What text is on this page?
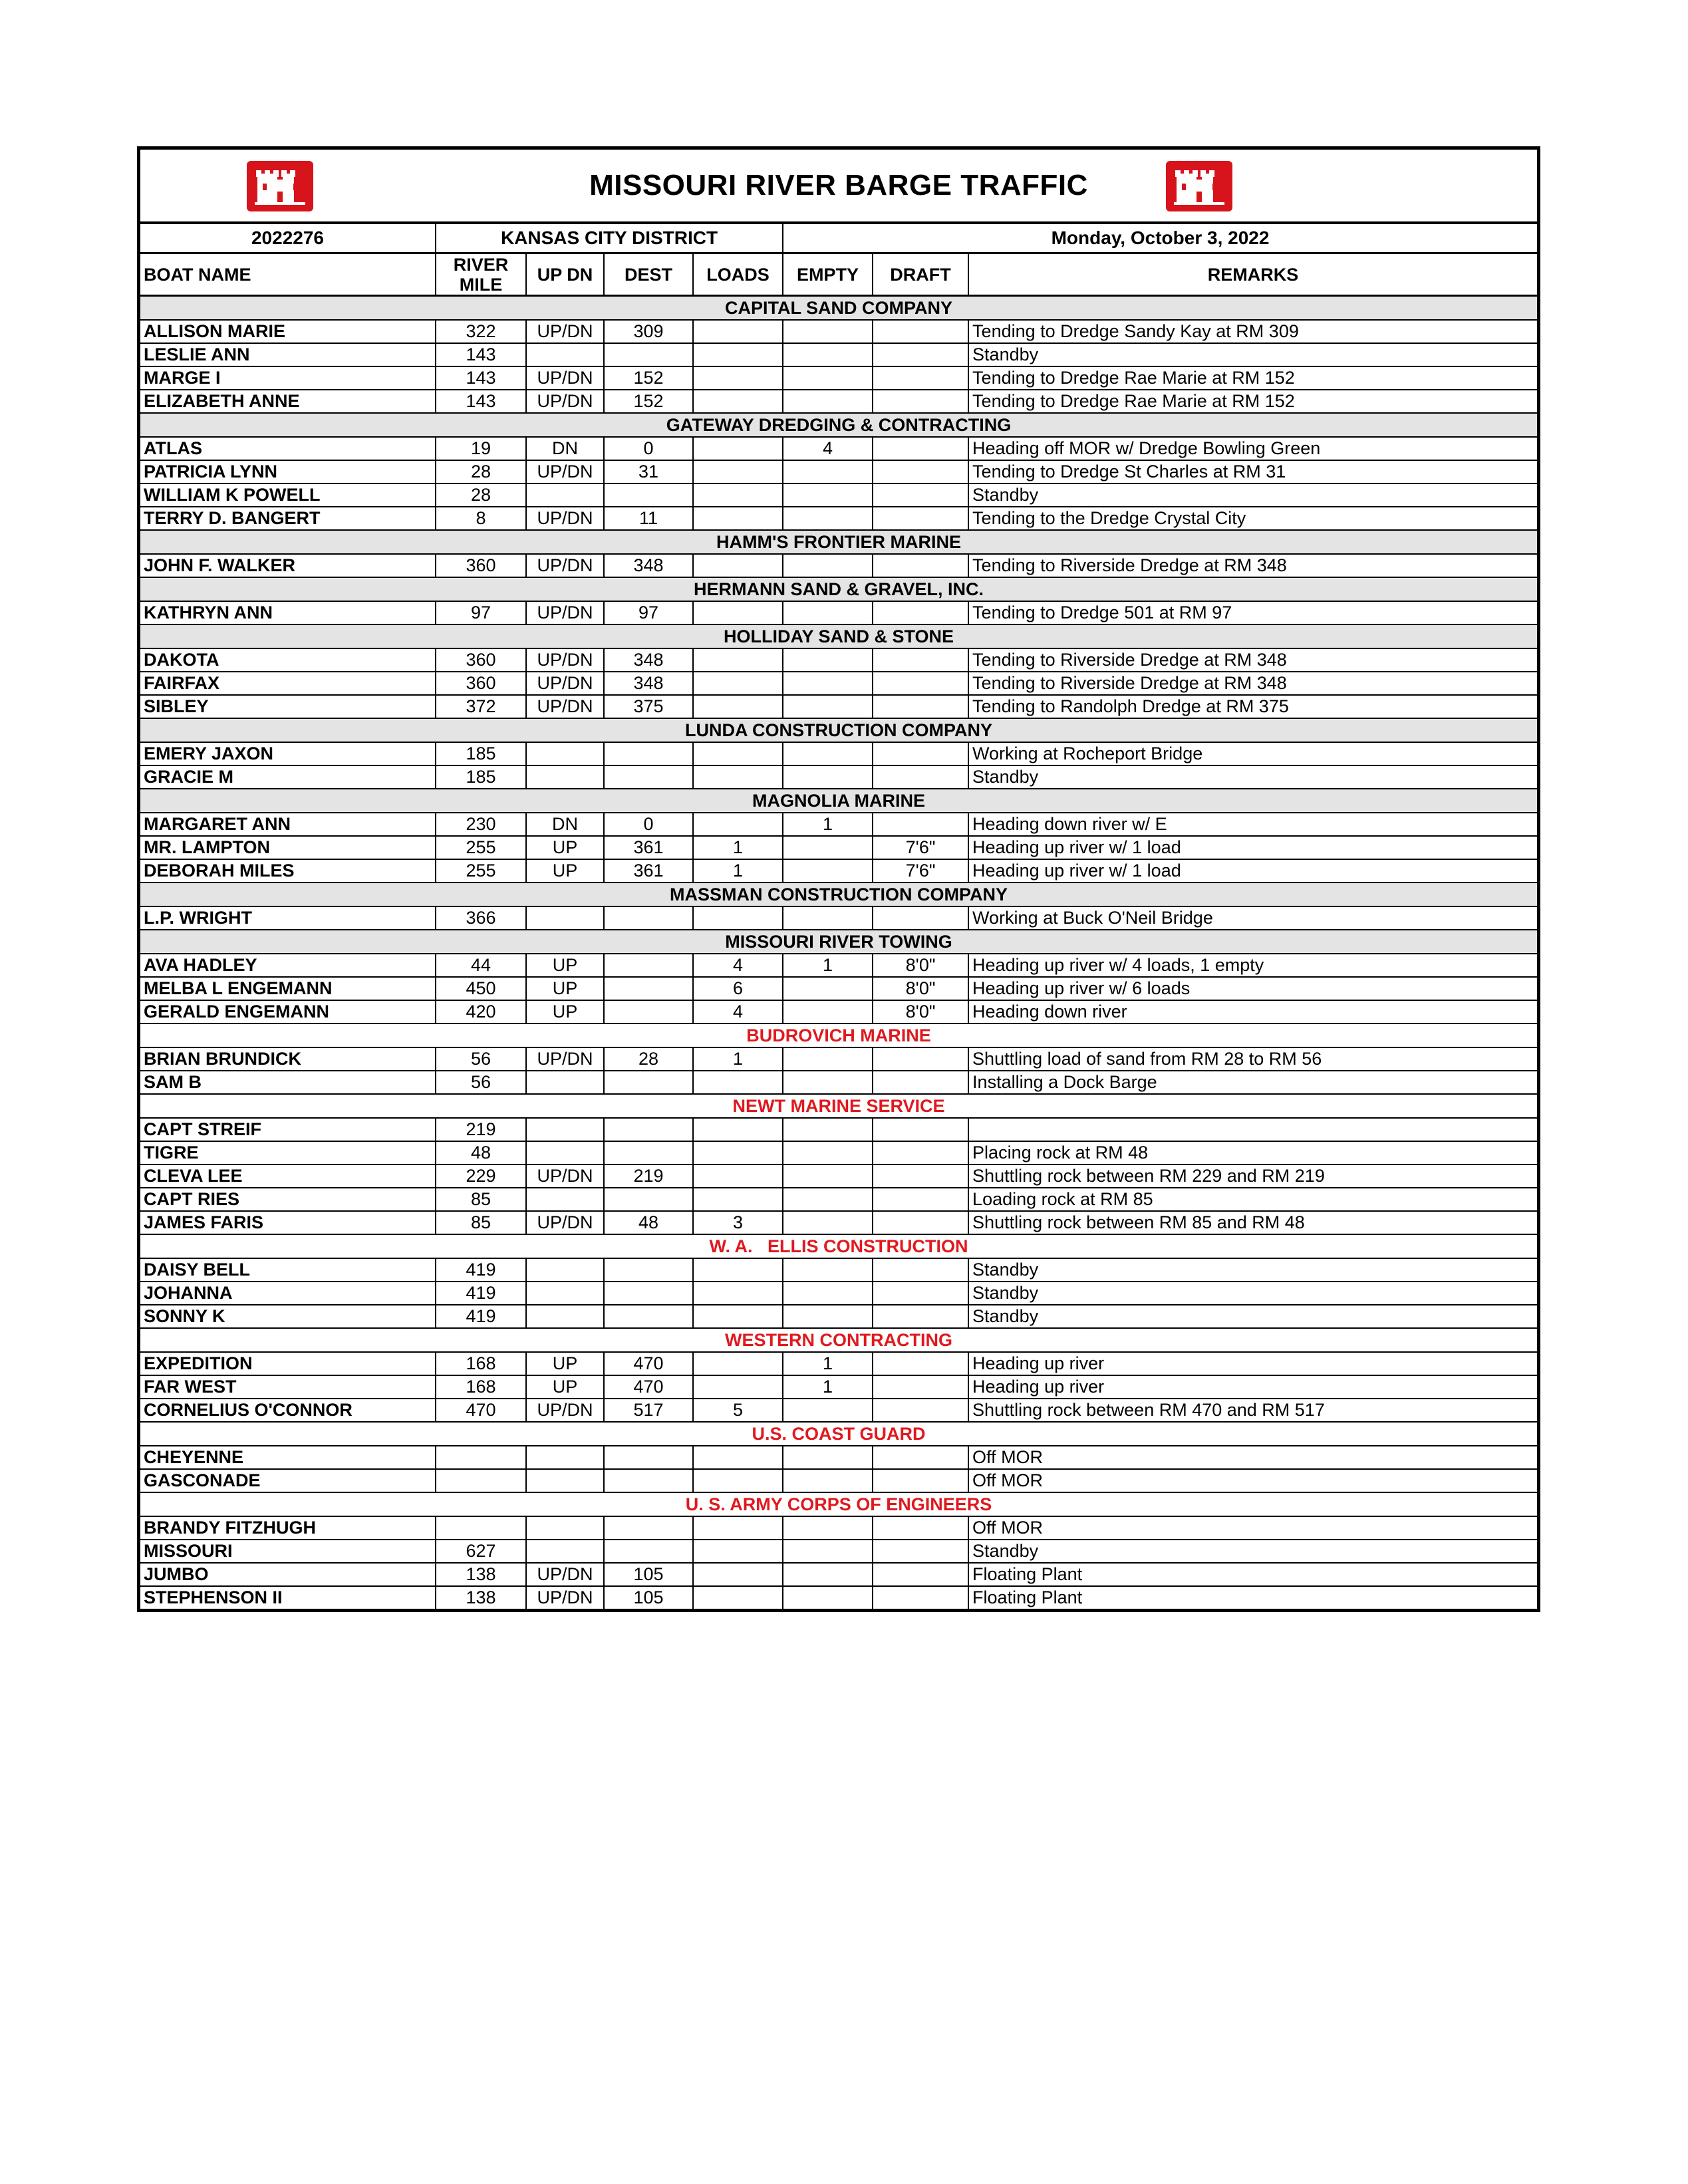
MISSOURI RIVER BARGE TRAFFIC
2022276	KANSAS CITY DISTRICT				Monday, October 3, 2022		
BOAT NAME	RIVER MILE	UP DN	DEST	LOADS	EMPTY	DRAFT	REMARKS
CAPITAL SAND COMPANY							
ALLISON MARIE	322	UP/DN	309				Tending to Dredge Sandy Kay at RM 309
LESLIE ANN	143						Standby
MARGE I	143	UP/DN	152				Tending to Dredge Rae Marie at RM 152
ELIZABETH ANNE	143	UP/DN	152				Tending to Dredge Rae Marie at RM 152
GATEWAY DREDGING & CONTRACTING							
ATLAS	19	DN	0		4		Heading off MOR w/ Dredge Bowling Green
PATRICIA LYNN	28	UP/DN	31				Tending to Dredge St Charles at RM 31
WILLIAM K POWELL	28						Standby
TERRY D. BANGERT	8	UP/DN	11				Tending to the Dredge Crystal City
HAMM'S FRONTIER MARINE							
JOHN F. WALKER	360	UP/DN	348				Tending to Riverside Dredge at RM 348
HERMANN SAND & GRAVEL, INC.							
KATHRYN ANN	97	UP/DN	97				Tending to Dredge 501 at RM 97
HOLLIDAY SAND & STONE							
DAKOTA	360	UP/DN	348				Tending to Riverside Dredge at RM 348
FAIRFAX	360	UP/DN	348				Tending to Riverside Dredge at RM 348
SIBLEY	372	UP/DN	375				Tending to Randolph Dredge at RM 375
LUNDA CONSTRUCTION COMPANY							
EMERY JAXON	185						Working at Rocheport Bridge
GRACIE M	185						Standby
MAGNOLIA MARINE							
MARGARET ANN	230	DN	0		1		Heading down river w/ E
MR. LAMPTON	255	UP	361	1		7'6"	Heading up river w/ 1 load
DEBORAH MILES	255	UP	361	1		7'6"	Heading up river w/ 1 load
MASSMAN CONSTRUCTION COMPANY							
L.P. WRIGHT	366						Working at Buck O'Neil Bridge
MISSOURI RIVER TOWING							
AVA HADLEY	44	UP		4	1	8'0"	Heading up river w/ 4 loads, 1 empty
MELBA L ENGEMANN	450	UP		6		8'0"	Heading up river w/ 6 loads
GERALD ENGEMANN	420	UP		4		8'0"	Heading down river
BUDROVICH MARINE							
BRIAN BRUNDICK	56	UP/DN	28	1			Shuttling load of sand from RM 28 to RM 56
SAM B	56						Installing a Dock Barge
NEWT MARINE SERVICE							
CAPT STREIF	219						
TIGRE	48						Placing rock at RM 48
CLEVA LEE	229	UP/DN	219				Shuttling rock between RM 229 and RM 219
CAPT RIES	85						Loading rock at RM 85
JAMES FARIS	85	UP/DN	48	3			Shuttling rock between RM 85 and RM 48
W. A.   ELLIS CONSTRUCTION							
DAISY BELL	419						Standby
JOHANNA	419						Standby
SONNY K	419						Standby
WESTERN CONTRACTING							
EXPEDITION	168	UP	470		1		Heading up river
FAR WEST	168	UP	470		1		Heading up river
CORNELIUS O'CONNOR	470	UP/DN	517	5			Shuttling rock between RM 470 and RM 517
U.S. COAST GUARD							
CHEYENNE							Off MOR
GASCONADE							Off MOR
U. S. ARMY CORPS OF ENGINEERS							
BRANDY FITZHUGH							Off MOR
MISSOURI	627						Standby
JUMBO	138	UP/DN	105				Floating Plant
STEPHENSON II	138	UP/DN	105				Floating Plant
